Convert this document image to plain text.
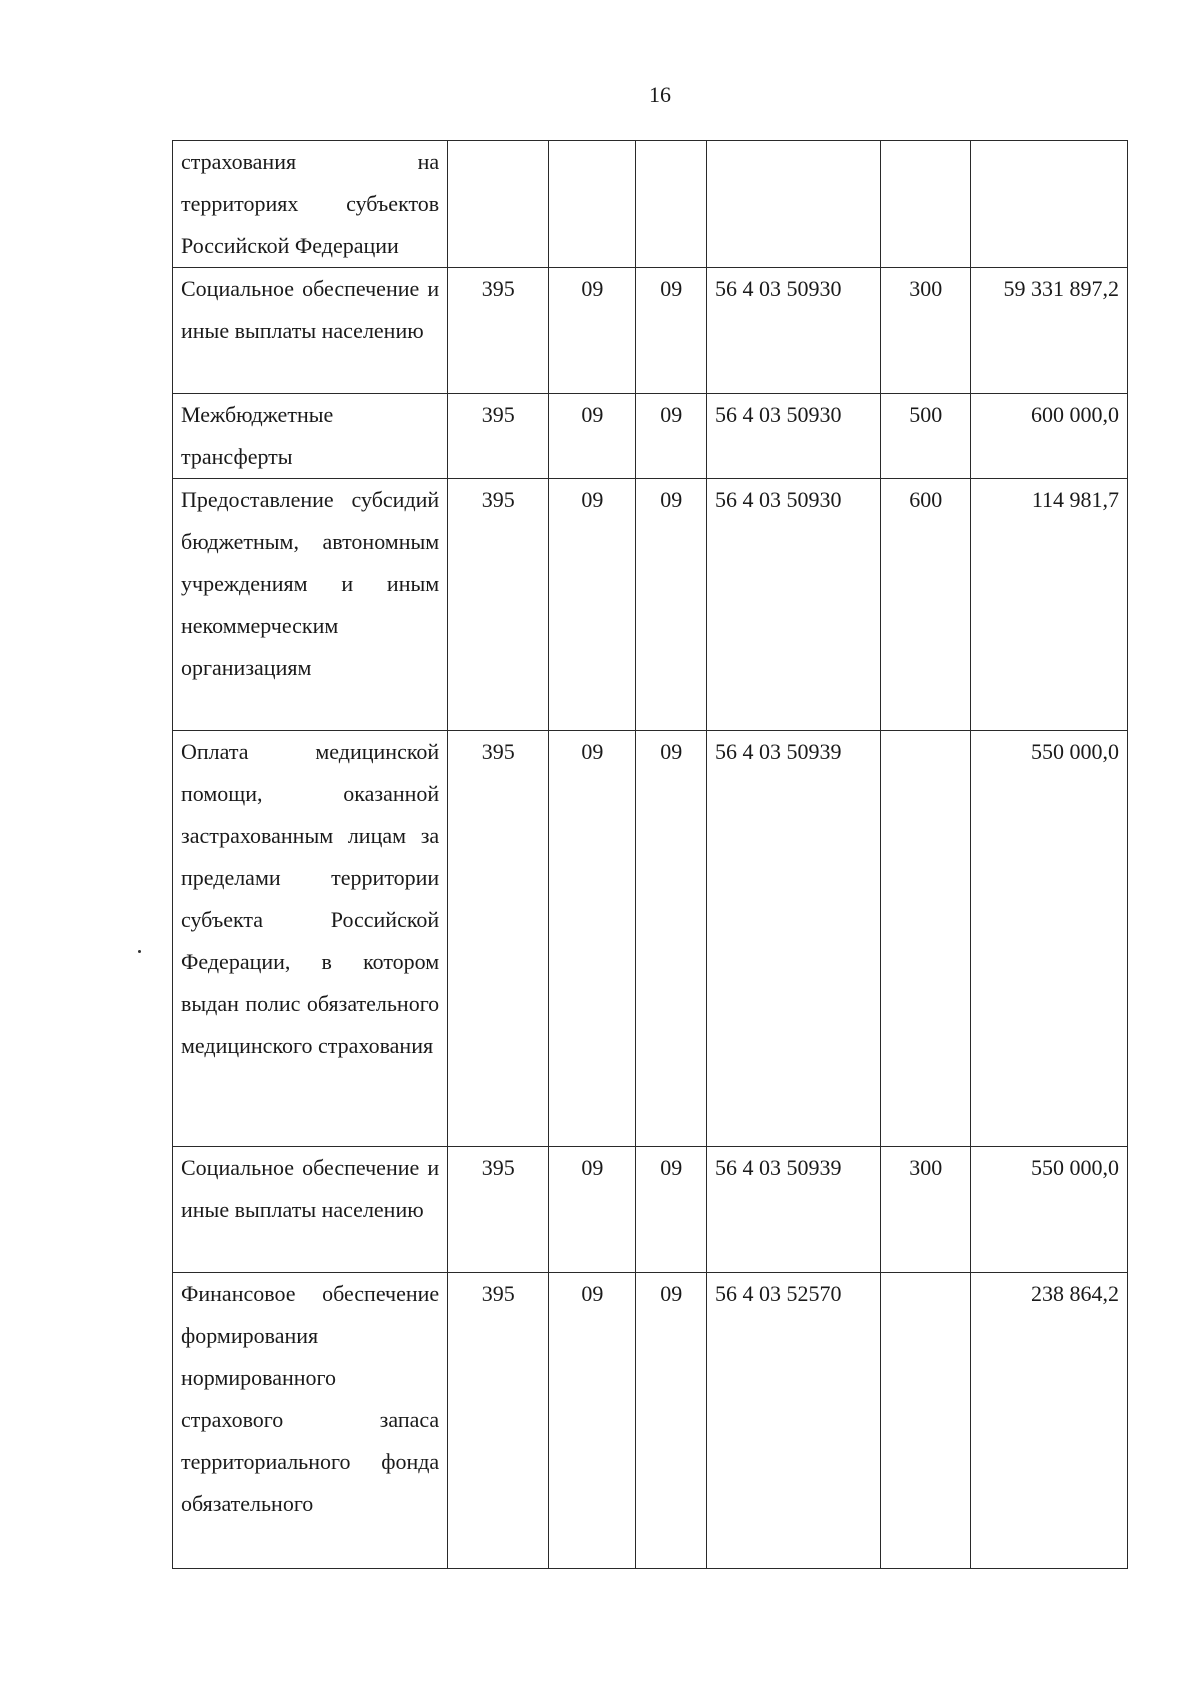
16
страхования на территориях субъектов Российской Федерации						
Социальное обеспечение и иные выплаты населению	395	09	09	56 4 03 50930	300	59 331 897,2
Межбюджетные трансферты	395	09	09	56 4 03 50930	500	600 000,0
Предоставление субсидий бюджетным, автономным учреждениям и иным некоммерческим организациям	395	09	09	56 4 03 50930	600	114 981,7
Оплата медицинской помощи, оказанной застрахованным лицам за пределами территории субъекта Российской Федерации, в котором выдан полис обязательного медицинского страхования	395	09	09	56 4 03 50939		550 000,0
Социальное обеспечение и иные выплаты населению	395	09	09	56 4 03 50939	300	550 000,0
Финансовое обеспечение формирования нормированного страхового запаса территориального фонда обязательного	395	09	09	56 4 03 52570		238 864,2
